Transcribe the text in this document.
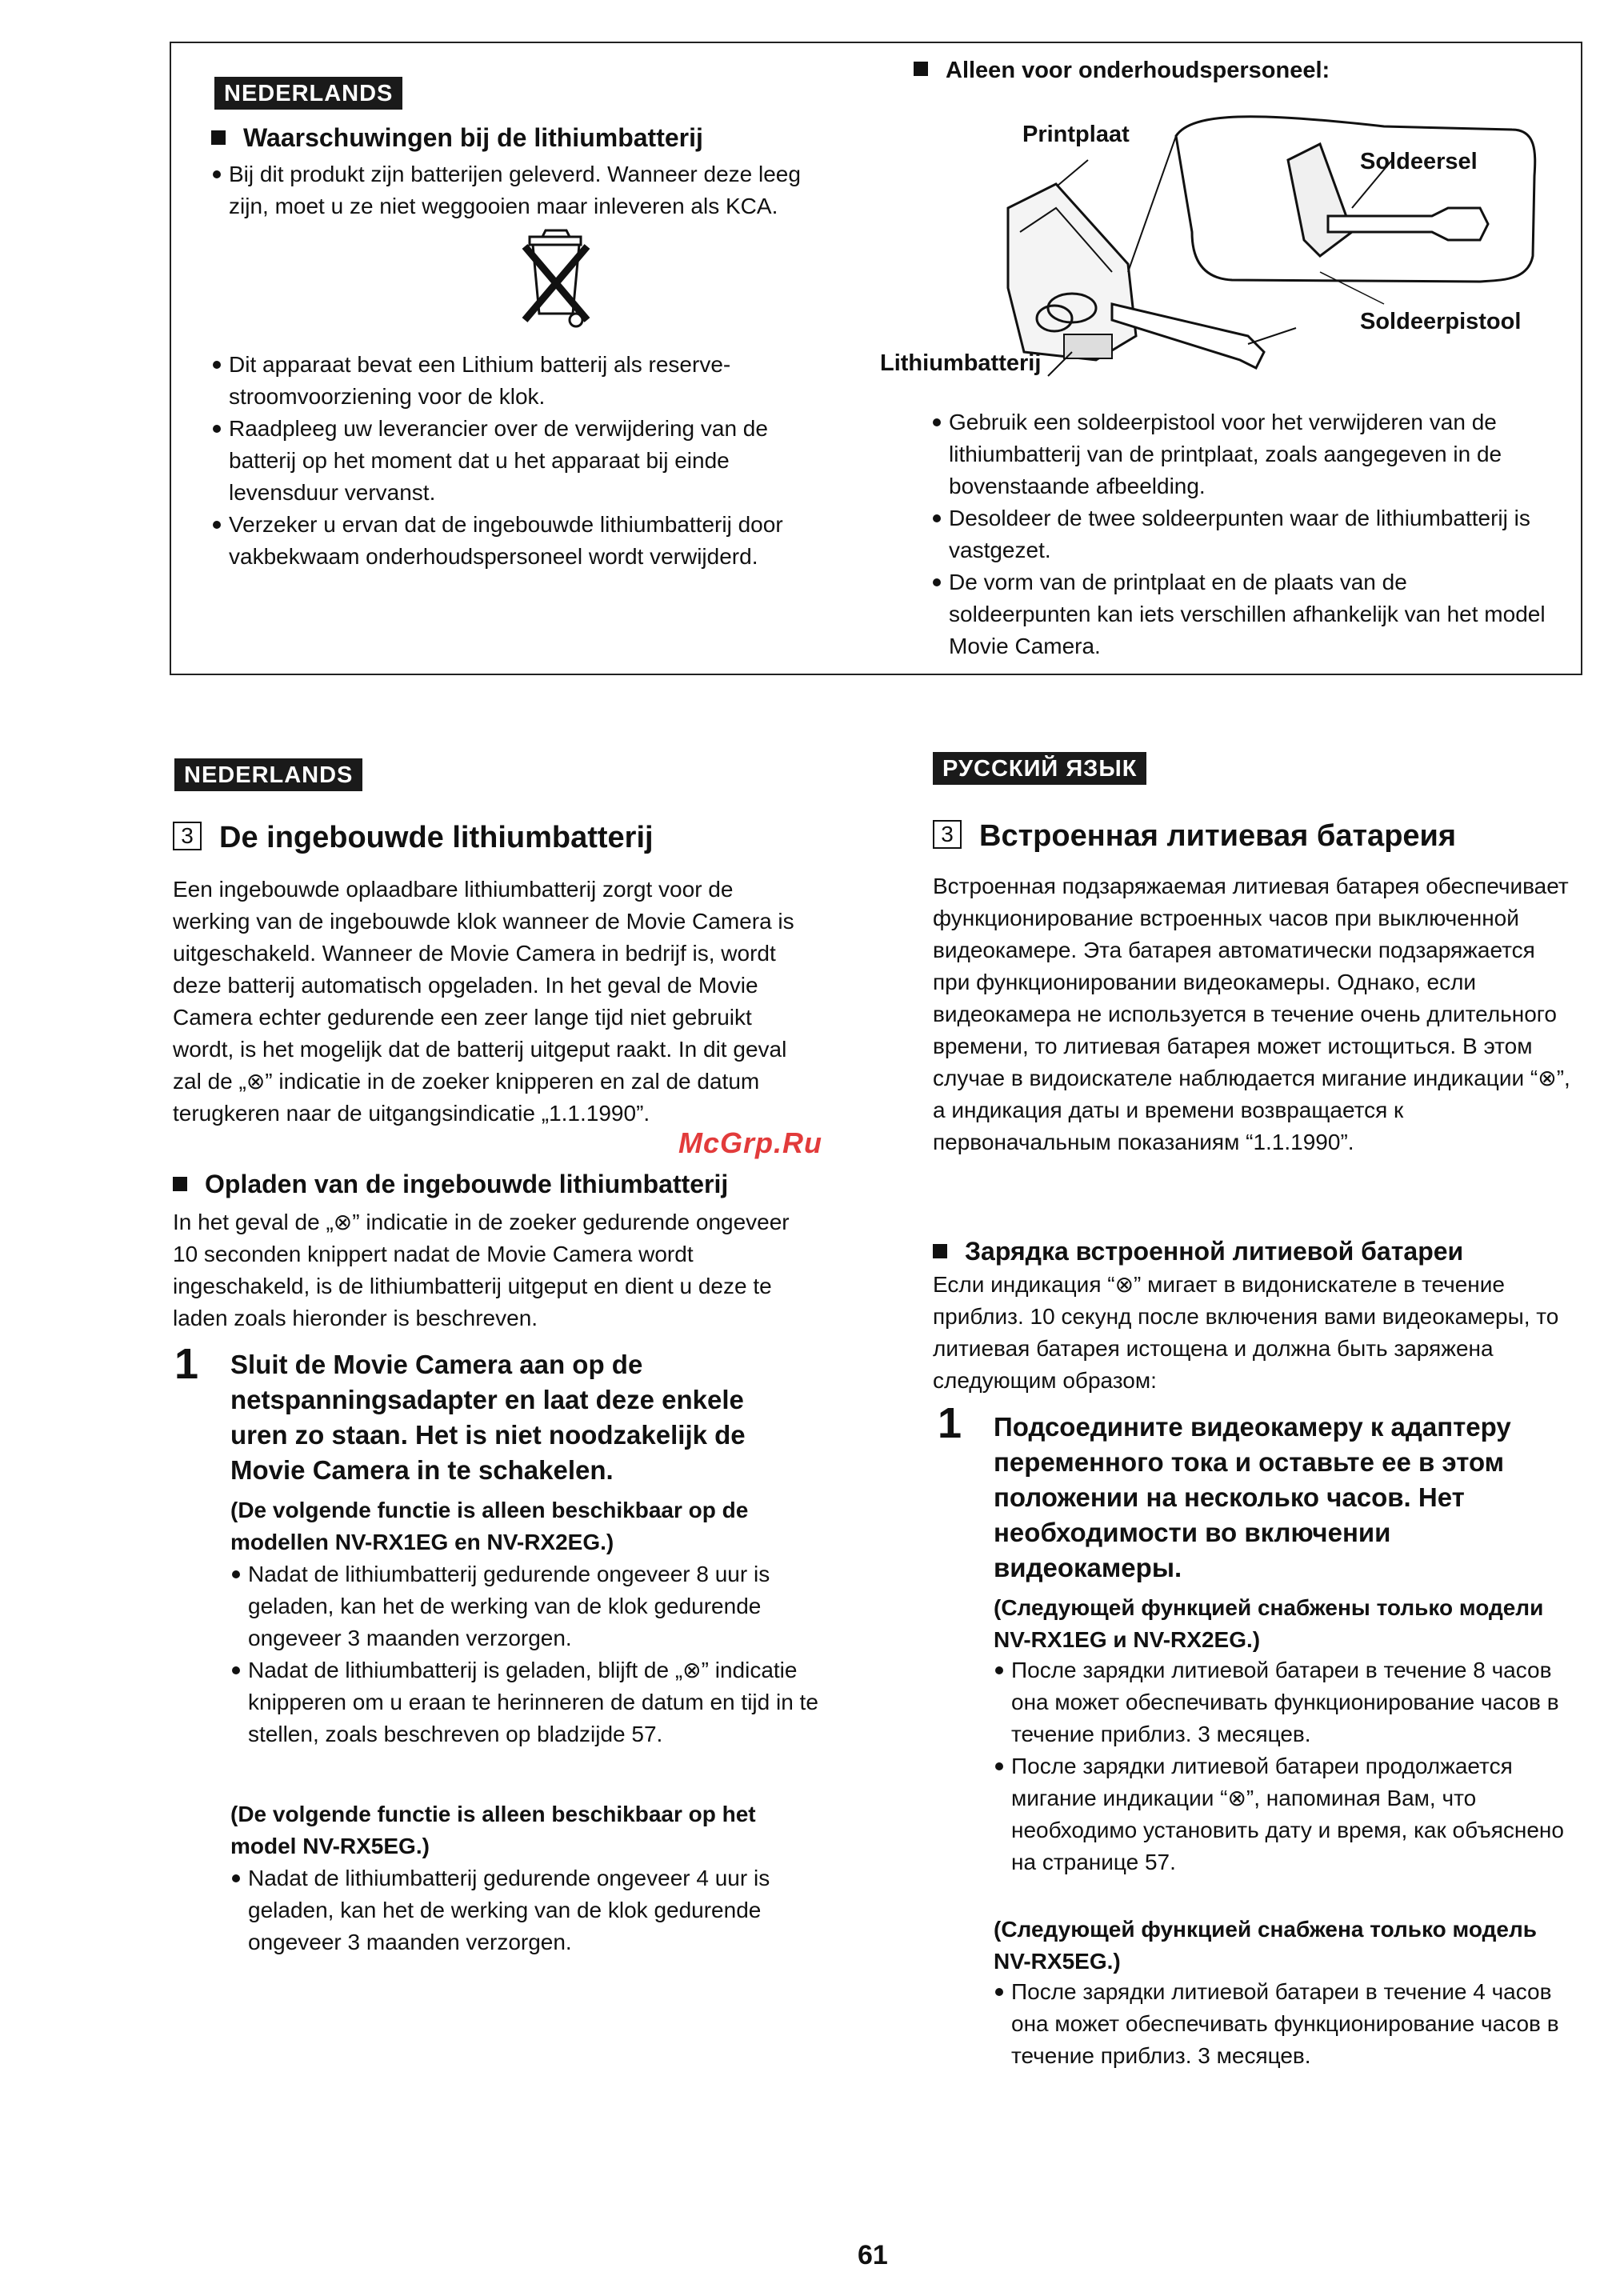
NEDERLANDS
Waarschuwingen bij de lithiumbatterij

Bij dit produkt zijn batterijen geleverd. Wanneer deze leeg zijn, moet u ze niet weggooien maar inleveren als KCA.

Dit apparaat bevat een Lithium batterij als reserve-stroomvoorziening voor de klok.

Raadpleeg uw leverancier over de verwijdering van de batterij op het moment dat u het apparaat bij einde levensduur vervanst.

Verzeker u ervan dat de ingebouwde lithiumbatterij door vakbekwaam onderhoudspersoneel wordt verwijderd.

Alleen voor onderhoudspersoneel:
Printplaat
Soldeersel
Soldeerpistool
Lithiumbatterij

Gebruik een soldeerpistool voor het verwijderen van de lithiumbatterij van de printplaat, zoals aangegeven in de bovenstaande afbeelding.

Desoldeer de twee soldeerpunten waar de lithiumbatterij is vastgezet.

De vorm van de printplaat en de plaats van de soldeerpunten kan iets verschillen afhankelijk van het model Movie Camera.

NEDERLANDS
3 De ingebouwde lithiumbatterij
Een ingebouwde oplaadbare lithiumbatterij zorgt voor de werking van de ingebouwde klok wanneer de Movie Camera is uitgeschakeld. Wanneer de Movie Camera in bedrijf is, wordt deze batterij automatisch opgeladen. In het geval de Movie Camera echter gedurende een zeer lange tijd niet gebruikt wordt, is het mogelijk dat de batterij uitgeput raakt. In dit geval zal de „⊗” indicatie in de zoeker knipperen en zal de datum terugkeren naar de uitgangsindicatie „1.1.1990”.
Opladen van de ingebouwde lithiumbatterij
In het geval de „⊗” indicatie in de zoeker gedurende ongeveer 10 seconden knippert nadat de Movie Camera wordt ingeschakeld, is de lithiumbatterij uitgeput en dient u deze te laden zoals hieronder is beschreven.
1 Sluit de Movie Camera aan op de netspanningsadapter en laat deze enkele uren zo staan. Het is niet noodzakelijk de Movie Camera in te schakelen.
(De volgende functie is alleen beschikbaar op de modellen NV-RX1EG en NV-RX2EG.)

Nadat de lithiumbatterij gedurende ongeveer 8 uur is geladen, kan het de werking van de klok gedurende ongeveer 3 maanden verzorgen.

Nadat de lithiumbatterij is geladen, blijft de „⊗” indicatie knipperen om u eraan te herinneren de datum en tijd in te stellen, zoals beschreven op bladzijde 57.

(De volgende functie is alleen beschikbaar op het model NV-RX5EG.)

Nadat de lithiumbatterij gedurende ongeveer 4 uur is geladen, kan het de werking van de klok gedurende ongeveer 3 maanden verzorgen.

McGrp.Ru
РУССКИЙ ЯЗЫК
3 Встроенная литиевая батареия
Встроенная подзаряжаемая литиевая батарея обеспечивает функционирование встроенных часов при выключенной видеокамере. Эта батарея автоматически подзаряжается при функционировании видеокамеры. Однако, если видеокамера не используется в течение очень длительного времени, то литиевая батарея может истощиться. В этом случае в видоискателе наблюдается мигание индикации “⊗”, а индикация даты и времени возвращается к первоначальным показаниям “1.1.1990”.
Зарядка встроенной литиевой батареи
Если индикация “⊗” мигает в видонискателе в течение приблиз. 10 секунд после включения вами видеокамеры, то литиевая батарея истощена и должна быть заряжена следующим образом:
1 Подсоедините видеокамеру к адаптеру переменного тока и оставьте ее в этом положении на несколько часов. Нет необходимости во включении видеокамеры.
(Следующей функцией снабжены только модели NV-RX1EG и NV-RX2EG.)

После зарядки литиевой батареи в течение 8 часов она может обеспечивать функционирование часов в течение приблиз. 3 месяцев.

После зарядки литиевой батареи продолжается мигание индикации “⊗”, напоминая Вам, что необходимо установить дату и время, как объяснено на странице 57.

(Следующей функцией снабжена только модель NV-RX5EG.)

После зарядки литиевой батареи в течение 4 часов она может обеспечивать функционирование часов в течение приблиз. 3 месяцев.

61
